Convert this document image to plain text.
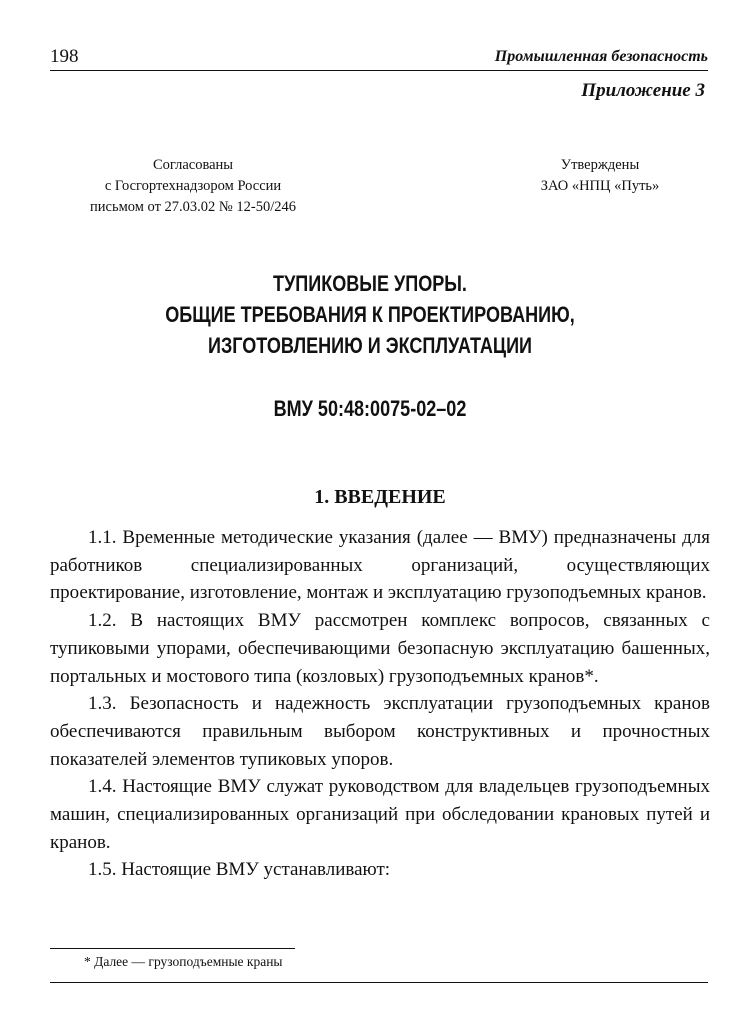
198	Промышленная безопасность
Приложение 3
Согласованы
с Госгортехнадзором России
письмом от 27.03.02 № 12-50/246
Утверждены
ЗАО «НПЦ «Путь»
ТУПИКОВЫЕ УПОРЫ.
ОБЩИЕ ТРЕБОВАНИЯ К ПРОЕКТИРОВАНИЮ,
ИЗГОТОВЛЕНИЮ И ЭКСПЛУАТАЦИИ
ВМУ 50:48:0075-02–02
1. ВВЕДЕНИЕ

1.1. Временные методические указания (далее — ВМУ) предназначены для работников специализированных организаций, осуществляющих проектирование, изготовление, монтаж и эксплуатацию грузоподъемных кранов.

1.2. В настоящих ВМУ рассмотрен комплекс вопросов, связанных с тупиковыми упорами, обеспечивающими безопасную эксплуатацию башенных, портальных и мостового типа (козловых) грузоподъемных кранов*.

1.3. Безопасность и надежность эксплуатации грузоподъемных кранов обеспечиваются правильным выбором конструктивных и прочностных показателей элементов тупиковых упоров.

1.4. Настоящие ВМУ служат руководством для владельцев грузоподъемных машин, специализированных организаций при обследовании крановых путей и кранов.

1.5. Настоящие ВМУ устанавливают:

* Далее — грузоподъемные краны
